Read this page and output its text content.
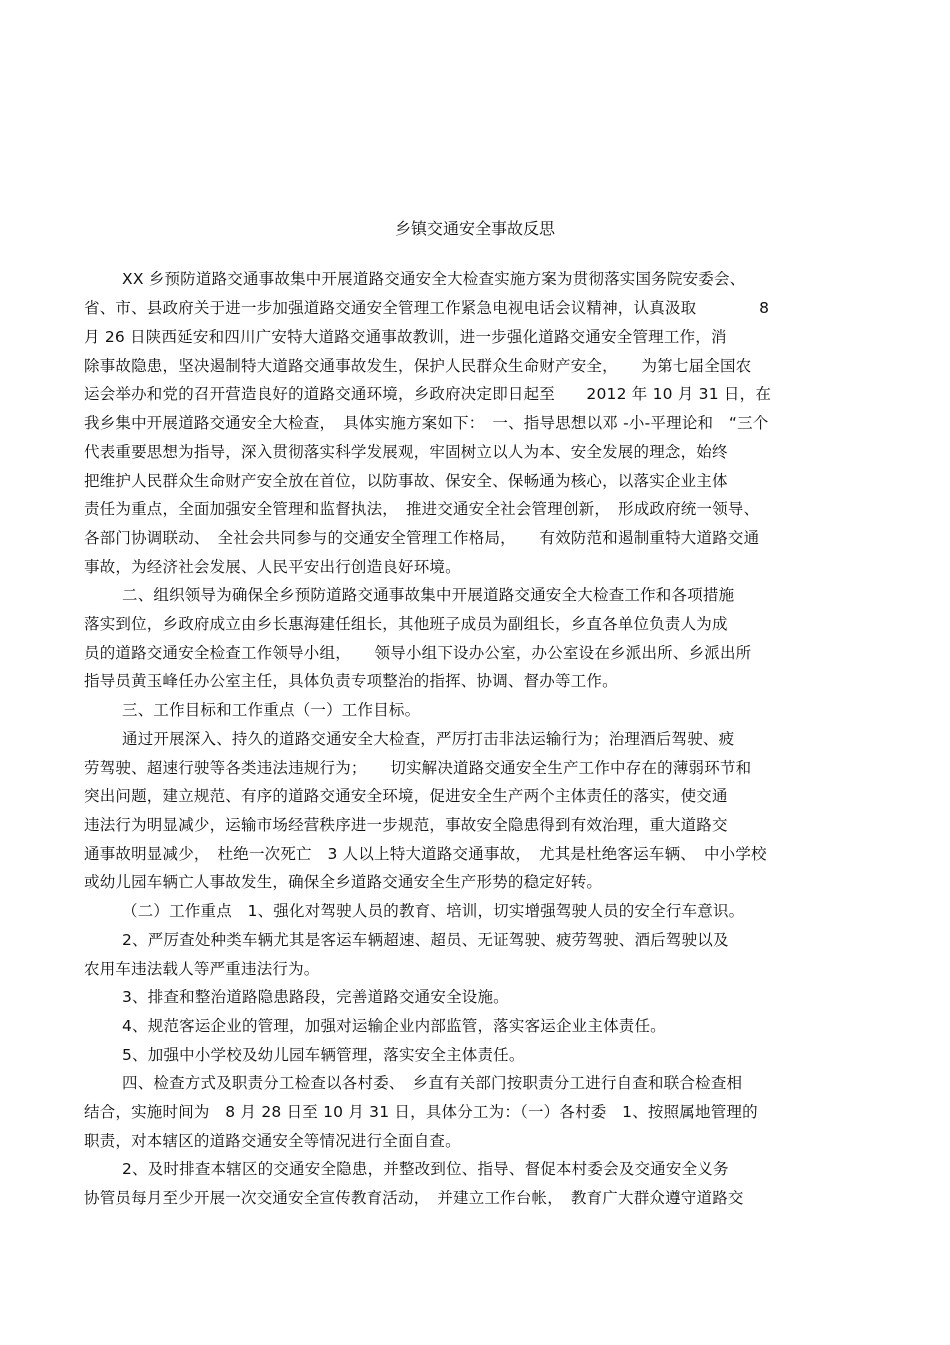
乡镇交通安全事故反思
XX 乡预防道路交通事故集中开展道路交通安全大检查实施方案为贯彻落实国务院安委会、
省、市、县政府关于进一步加强道路交通安全管理工作紧急电视电话会议精神，认真汲取　　　　8
月 26 日陕西延安和四川广安特大道路交通事故教训，进一步强化道路交通安全管理工作，消
除事故隐患，坚决遏制特大道路交通事故发生，保护人民群众生命财产安全，　　为第七届全国农
运会举办和党的召开营造良好的道路交通环境，乡政府决定即日起至　　2012 年 10 月 31 日，在
我乡集中开展道路交通安全大检查，　具体实施方案如下：　一、指导思想以邓 -小-平理论和　“三个
代表重要思想为指导，深入贯彻落实科学发展观，牢固树立以人为本、安全发展的理念，始终
把维护人民群众生命财产安全放在首位，以防事故、保安全、保畅通为核心，以落实企业主体
责任为重点，全面加强安全管理和监督执法，　推进交通安全社会管理创新，　形成政府统一领导、
各部门协调联动、　全社会共同参与的交通安全管理工作格局，　　有效防范和遏制重特大道路交通
事故，为经济社会发展、人民平安出行创造良好环境。
二、组织领导为确保全乡预防道路交通事故集中开展道路交通安全大检查工作和各项措施
落实到位，乡政府成立由乡长惠海建任组长，其他班子成员为副组长，乡直各单位负责人为成
员的道路交通安全检查工作领导小组，　　领导小组下设办公室，办公室设在乡派出所、乡派出所
指导员黄玉峰任办公室主任，具体负责专项整治的指挥、协调、督办等工作。
三、工作目标和工作重点（一）工作目标。
通过开展深入、持久的道路交通安全大检查，严厉打击非法运输行为；治理酒后驾驶、疲
劳驾驶、超速行驶等各类违法违规行为；　　切实解决道路交通安全生产工作中存在的薄弱环节和
突出问题，建立规范、有序的道路交通安全环境，促进安全生产两个主体责任的落实，使交通
违法行为明显减少，运输市场经营秩序进一步规范，事故安全隐患得到有效治理，重大道路交
通事故明显减少，　杜绝一次死亡　3 人以上特大道路交通事故，　尤其是杜绝客运车辆、　中小学校
或幼儿园车辆亡人事故发生，确保全乡道路交通安全生产形势的稳定好转。
（二）工作重点　1、强化对驾驶人员的教育、培训，切实增强驾驶人员的安全行车意识。
2、严厉查处种类车辆尤其是客运车辆超速、超员、无证驾驶、疲劳驾驶、酒后驾驶以及
农用车违法载人等严重违法行为。
3、排查和整治道路隐患路段，完善道路交通安全设施。
4、规范客运企业的管理，加强对运输企业内部监管，落实客运企业主体责任。
5、加强中小学校及幼儿园车辆管理，落实安全主体责任。
四、检查方式及职责分工检查以各村委、　乡直有关部门按职责分工进行自查和联合检查相
结合，实施时间为　8 月 28 日至 10 月 31 日，具体分工为：（一）各村委　1、按照属地管理的
职责，对本辖区的道路交通安全等情况进行全面自查。
2、及时排查本辖区的交通安全隐患，并整改到位、指导、督促本村委会及交通安全义务
协管员每月至少开展一次交通安全宣传教育活动，　并建立工作台帐，　教育广大群众遵守道路交
